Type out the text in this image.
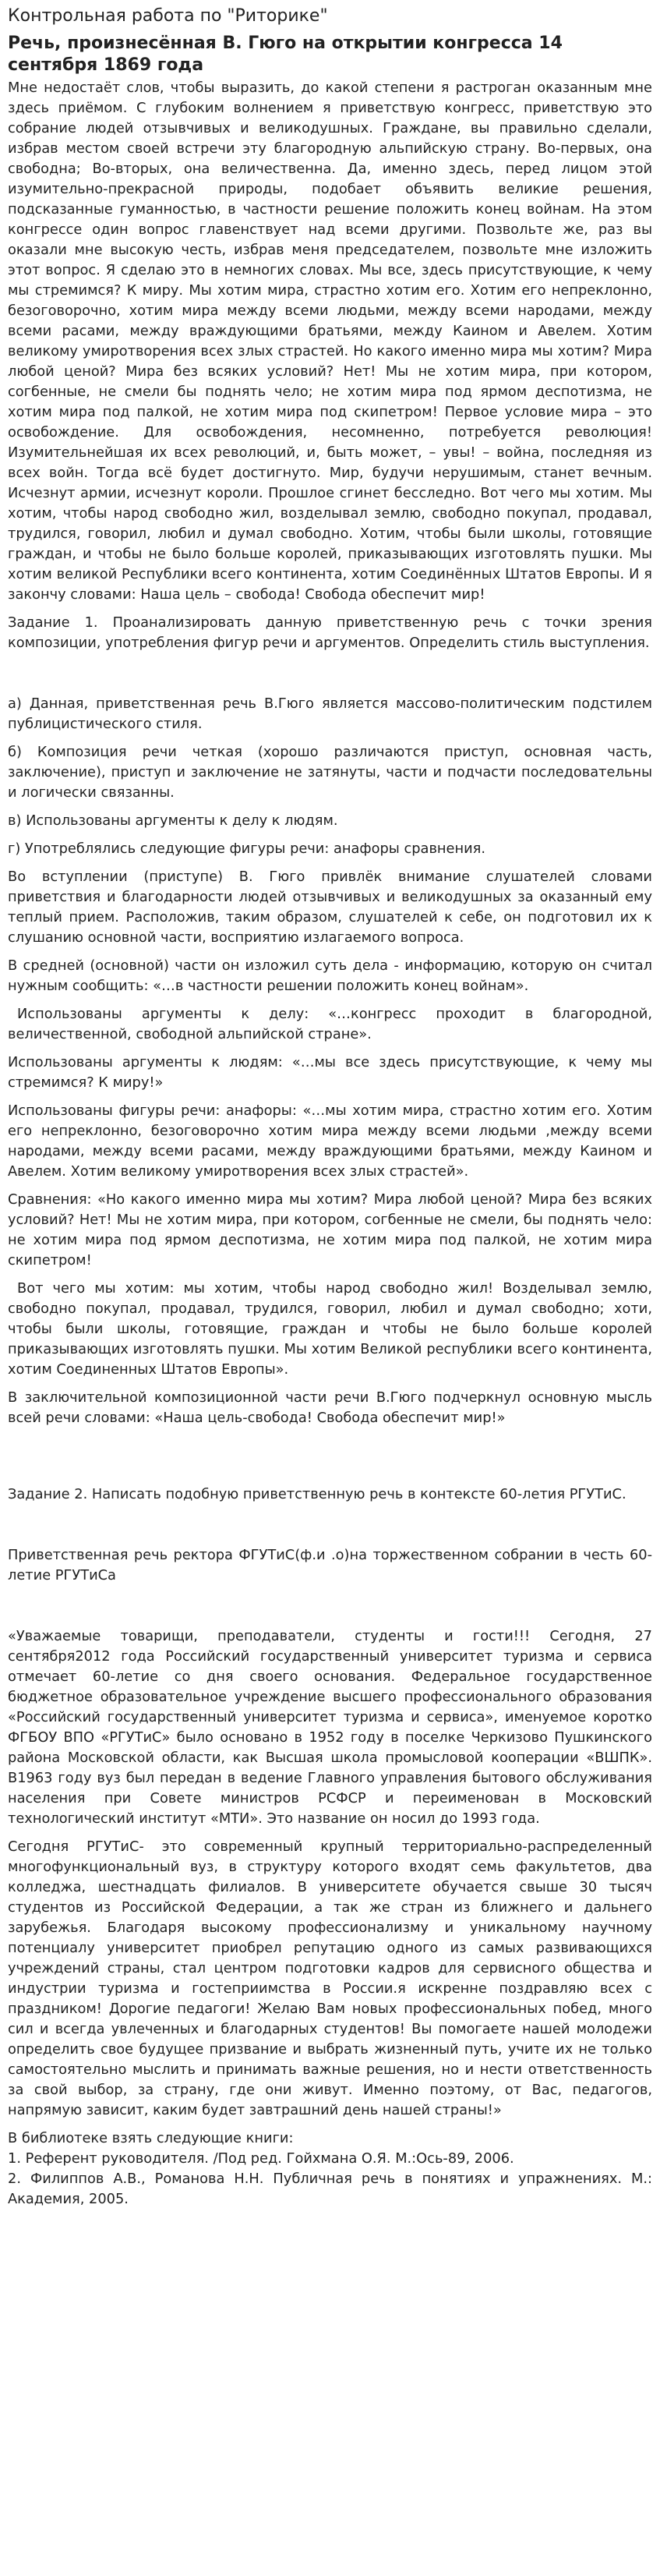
Контрольная работа по "Риторике"
Речь, произнесённая В. Гюго на открытии конгресса 14 сентября 1869 года

Мне недостаёт слов, чтобы выразить, до какой степени я растроган оказанным мне здесь приёмом. С глубоким волнением я приветствую конгресс, приветствую это собрание людей отзывчивых и великодушных. Граждане, вы правильно сделали, избрав местом своей встречи эту благородную альпийскую страну. Во-первых, она свободна; Во-вторых, она величественна. Да, именно здесь, перед лицом этой изумительно-прекрасной природы, подобает объявить великие решения, подсказанные гуманностью, в частности решение положить конец войнам. На этом конгрессе один вопрос главенствует над всеми другими. Позвольте же, раз вы оказали мне высокую честь, избрав меня председателем, позвольте мне изложить этот вопрос. Я сделаю это в немногих словах. Мы все, здесь присутствующие, к чему мы стремимся? К миру. Мы хотим мира, страстно хотим его. Хотим его непреклонно, безоговорочно, хотим мира между всеми людьми, между всеми народами, между всеми расами, между враждующими братьями, между Каином и Авелем. Хотим великому умиротворения всех злых страстей. Но какого именно мира мы хотим? Мира любой ценой? Мира без всяких условий? Нет! Мы не хотим мира, при котором, согбенные, не смели бы поднять чело; не хотим мира под ярмом деспотизма, не хотим мира под палкой, не хотим мира под скипетром! Первое условие мира – это освобождение. Для освобождения, несомненно, потребуется революция! Изумительнейшая их всех революций, и, быть может, – увы! – война, последняя из всех войн. Тогда всё будет достигнуто. Мир, будучи нерушимым, станет вечным. Исчезнут армии, исчезнут короли. Прошлое сгинет бесследно. Вот чего мы хотим. Мы хотим, чтобы народ свободно жил, возделывал землю, свободно покупал, продавал, трудился, говорил, любил и думал свободно. Хотим, чтобы были школы, готовящие граждан, и чтобы не было больше королей, приказывающих изготовлять пушки. Мы хотим великой Республики всего континента, хотим Соединённых Штатов Европы. И я закончу словами: Наша цель – свобода! Свобода обеспечит мир!

Задание 1. Проанализировать данную приветственную речь с точки зрения композиции, употребления фигур речи и аргументов. Определить стиль выступления.

а) Данная, приветственная речь В.Гюго является массово-политическим подстилем публицистического стиля.

б) Композиция речи четкая (хорошо различаются приступ, основная часть, заключение), приступ и заключение не затянуты, части и подчасти последовательны и логически связанны.

в) Использованы аргументы к делу к людям.

г) Употреблялись следующие фигуры речи: анафоры сравнения.

Во вступлении (приступе) В. Гюго привлёк внимание слушателей словами приветствия и благодарности людей отзывчивых и великодушных за оказанный ему теплый прием. Расположив, таким образом, слушателей к себе, он подготовил их к слушанию основной части, восприятию излагаемого вопроса.

В средней (основной) части он изложил суть дела - информацию, которую он считал нужным сообщить: «…в частности решении положить конец войнам».

Использованы аргументы к делу: «…конгресс проходит в благородной, величественной, свободной альпийской стране».

Использованы аргументы к людям: «…мы все здесь присутствующие, к чему мы стремимся? К миру!»

Использованы фигуры речи: анафоры: «…мы хотим мира, страстно хотим его. Хотим его непреклонно, безоговорочно хотим мира между всеми людьми ,между всеми народами, между всеми расами, между враждующими братьями, между Каином и Авелем. Хотим великому умиротворения всех злых страстей».

Сравнения: «Но какого именно мира мы хотим? Мира любой ценой? Мира без всяких условий? Нет! Мы не хотим мира, при котором, согбенные не смели, бы поднять чело: не хотим мира под ярмом деспотизма, не хотим мира под палкой, не хотим мира скипетром!

Вот чего мы хотим: мы хотим, чтобы народ свободно жил! Возделывал землю, свободно покупал, продавал, трудился, говорил, любил и думал свободно; хоти, чтобы были школы, готовящие, граждан и чтобы не было больше королей приказывающих изготовлять пушки. Мы хотим Великой республики всего континента, хотим Соединенных Штатов Европы».

В заключительной композиционной части речи В.Гюго подчеркнул основную мысль всей речи словами: «Наша цель-свобода! Свобода обеспечит мир!»

Задание 2. Написать подобную приветственную речь в контексте 60-летия РГУТиС.

Приветственная речь ректора ФГУТиС(ф.и .о)на торжественном собрании в честь 60- летие РГУТиСа

«Уважаемые товарищи, преподаватели, студенты и гости!!! Сегодня, 27 сентября2012 года Российский государственный университет туризма и сервиса отмечает 60-летие со дня своего основания. Федеральное государственное бюджетное образовательное учреждение высшего профессионального образования «Российский государственный университет туризма и сервиса», именуемое коротко ФГБОУ ВПО «РГУТиС» было основано в 1952 году в поселке Черкизово Пушкинского района Московской области, как Высшая школа промысловой кооперации «ВШПК». В1963 году вуз был передан в ведение Главного управления бытового обслуживания населения при Совете министров РСФСР и переименован в Московский технологический институт «МТИ». Это название он носил до 1993 года.

Сегодня РГУТиС- это современный крупный территориально-распределенный многофункциональный вуз, в структуру которого входят семь факультетов, два колледжа, шестнадцать филиалов. В университете обучается свыше 30 тысяч студентов из Российской Федерации, а так же стран из ближнего и дальнего зарубежья. Благодаря высокому профессионализму и уникальному научному потенциалу университет приобрел репутацию одного из самых развивающихся учреждений страны, стал центром подготовки кадров для сервисного общества и индустрии туризма и гостеприимства в России.я искренне поздравляю всех с праздником! Дорогие педагоги! Желаю Вам новых профессиональных побед, много сил и всегда увлеченных и благодарных студентов! Вы помогаете нашей молодежи определить свое будущее призвание и выбрать жизненный путь, учите их не только самостоятельно мыслить и принимать важные решения, но и нести ответственность за свой выбор, за страну, где они живут. Именно поэтому, от Вас, педагогов, напрямую зависит, каким будет завтрашний день нашей страны!»

В библиотеке взять следующие книги:

1. Референт руководителя. /Под ред. Гойхмана О.Я. М.:Ось-89, 2006.

2. Филиппов А.В., Романова Н.Н. Публичная речь в понятиях и упражнениях. М.: Академия, 2005.
